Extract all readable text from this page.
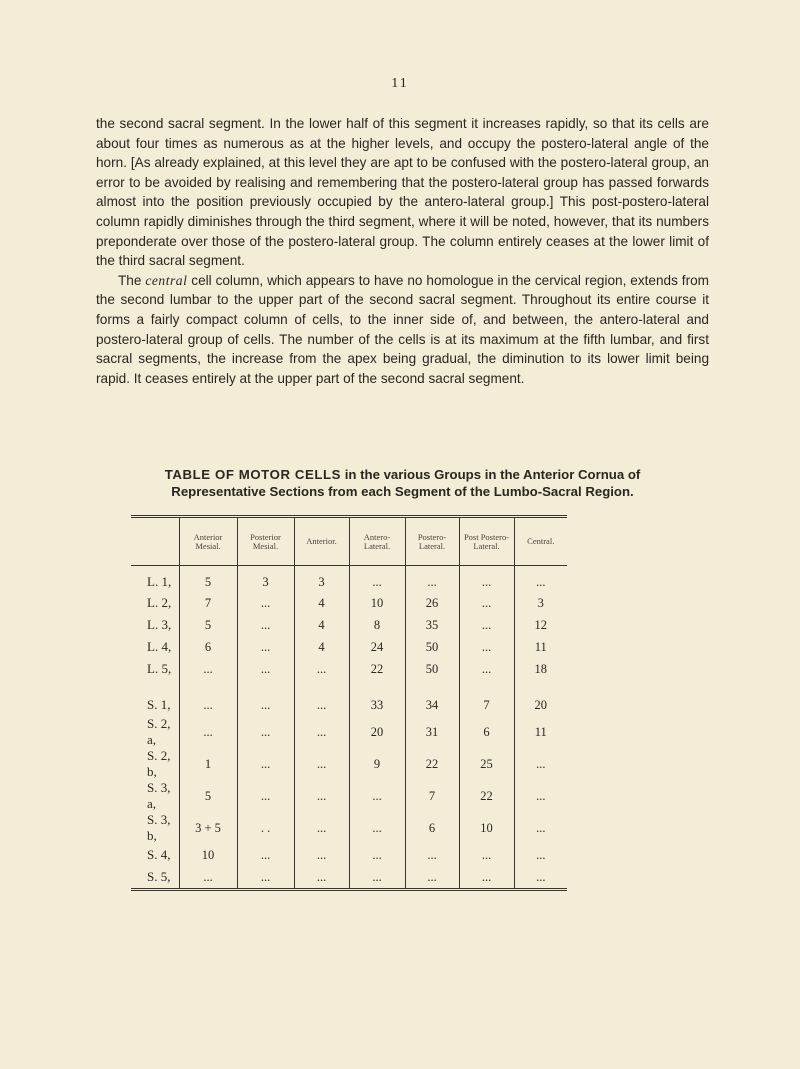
11

the second sacral segment. In the lower half of this segment it increases rapidly, so that its cells are about four times as numerous as at the higher levels, and occupy the postero-lateral angle of the horn. [As already explained, at this level they are apt to be confused with the postero-lateral group, an error to be avoided by realising and remembering that the postero-lateral group has passed forwards almost into the position previously occupied by the antero-lateral group.] This post-postero-lateral column rapidly diminishes through the third segment, where it will be noted, however, that its numbers preponderate over those of the postero-lateral group. The column entirely ceases at the lower limit of the third sacral segment.

The central cell column, which appears to have no homologue in the cervical region, extends from the second lumbar to the upper part of the second sacral segment. Throughout its entire course it forms a fairly compact column of cells, to the inner side of, and between, the antero-lateral and postero-lateral group of cells. The number of the cells is at its maximum at the fifth lumbar, and first sacral segments, the increase from the apex being gradual, the diminution to its lower limit being rapid. It ceases entirely at the upper part of the second sacral segment.

TABLE OF MOTOR CELLS in the various Groups in the Anterior Cornua of
Representative Sections from each Segment of the Lumbo-Sacral Region.
	Anterior Mesial.	Posterior Mesial.	Anterior.	Antero-Lateral.	Postero-Lateral.	Post Postero-Lateral.	Central.
L. 1,	5	3	3	...	...	...	...
L. 2,	7	...	4	10	26	...	3
L. 3,	5	...	4	8	35	...	12
L. 4,	6	...	4	24	50	...	11
L. 5,	...	...	...	22	50	...	18

S. 1,	...	...	...	33	34	7	20
S. 2, a,	...	...	...	20	31	6	11
S. 2, b,	1	...	...	9	22	25	...
S. 3, a,	5	...	...	...	7	22	...
S. 3, b,	3 + 5	. .	...	...	6	10	...
S. 4,	10	...	...	...	...	...	...
S. 5,	...	...	...	...	...	...	...
